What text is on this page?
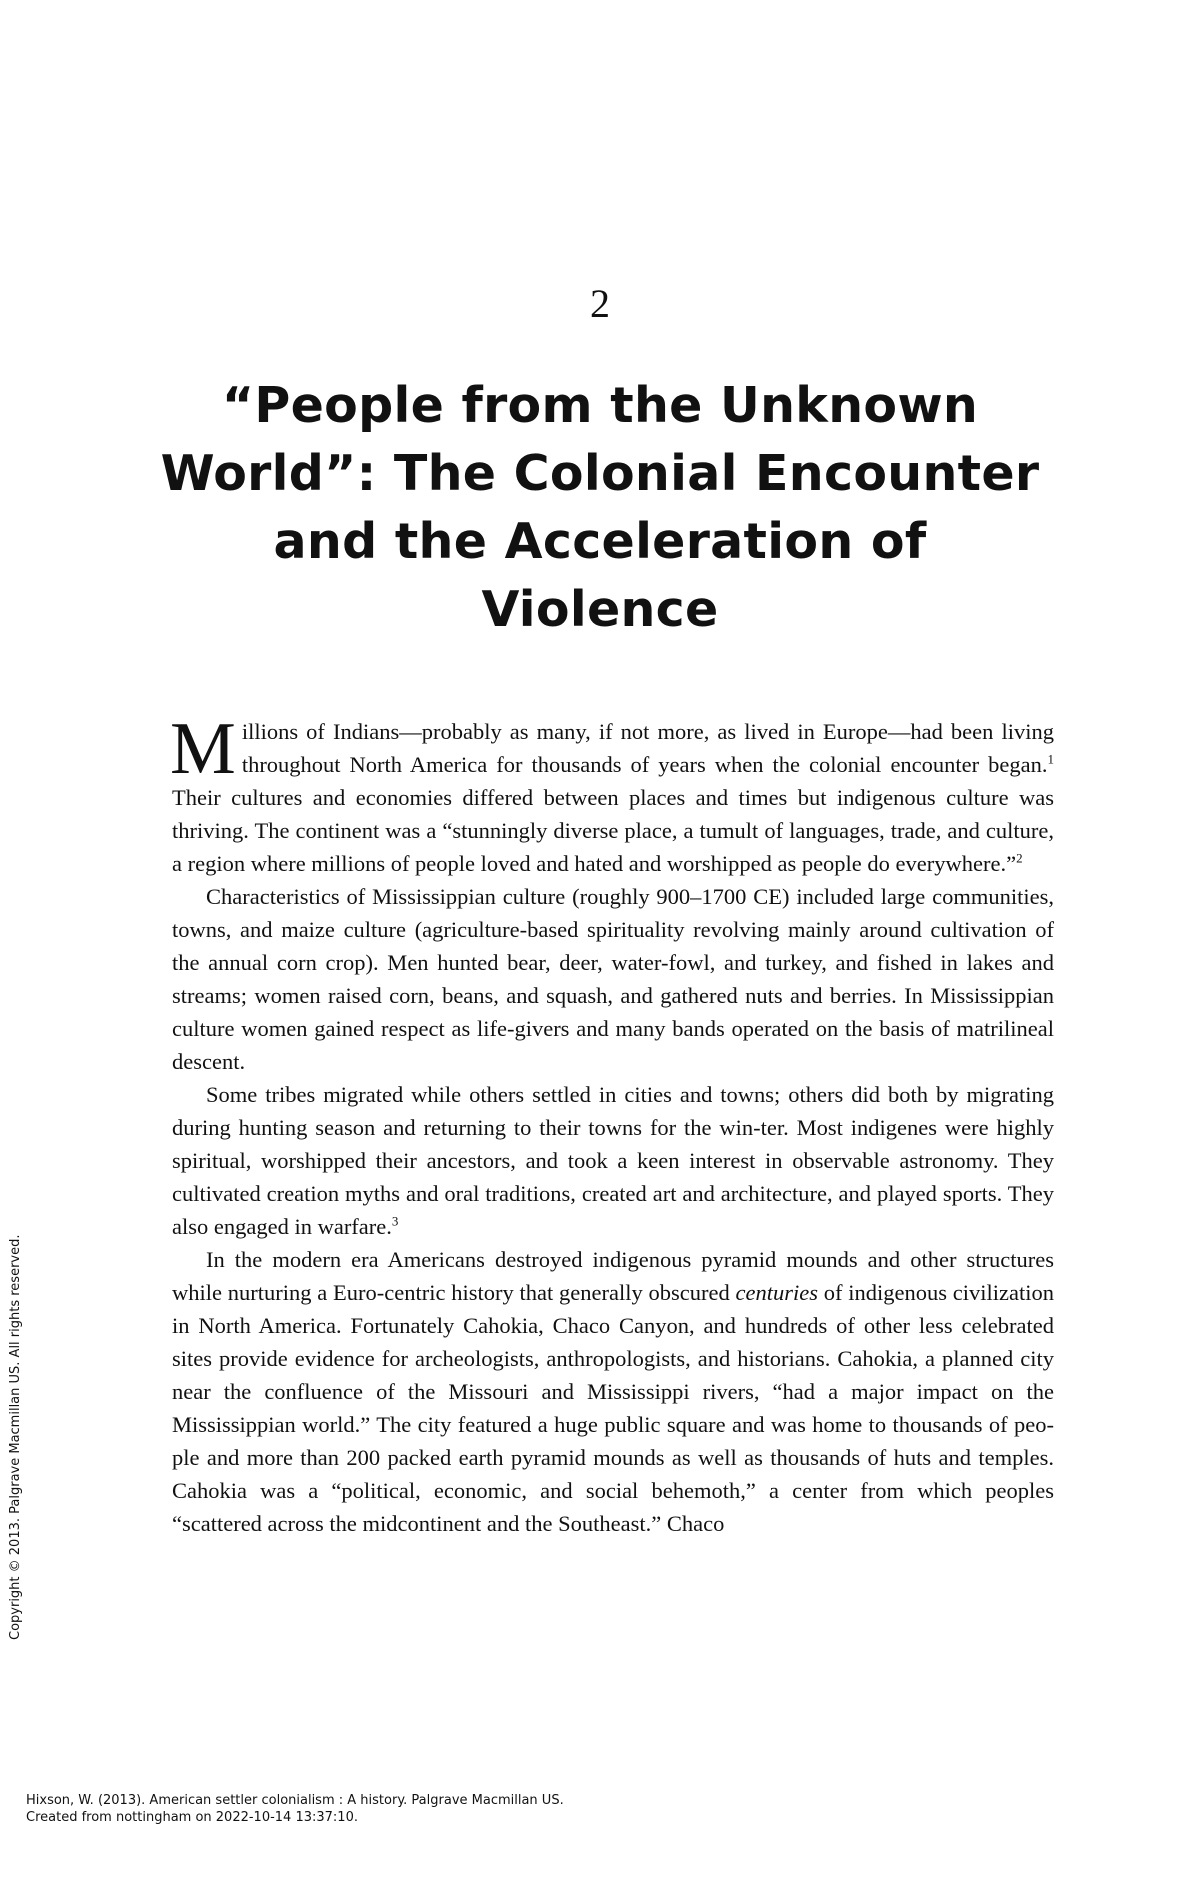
2
“People from the Unknown
World”: The Colonial Encounter
and the Acceleration of Violence

Millions of Indians—probably as many, if not more, as lived in Europe—had been living throughout North America for thousands of years when the colonial encounter began.$^1$ Their cultures and economies differed between places and times but indigenous culture was thriving. The continent was a “stunningly diverse place, a tumult of languages, trade, and culture, a region where millions of people loved and hated and worshipped as people do everywhere.”$^2$

Characteristics of Mississippian culture (roughly 900–1700 CE) included large communities, towns, and maize culture (agriculture-based spirituality revolving mainly around cultivation of the annual corn crop). Men hunted bear, deer, water-fowl, and turkey, and fished in lakes and streams; women raised corn, beans, and squash, and gathered nuts and berries. In Mississippian culture women gained respect as life-givers and many bands operated on the basis of matrilineal descent.

Some tribes migrated while others settled in cities and towns; others did both by migrating during hunting season and returning to their towns for the win-ter. Most indigenes were highly spiritual, worshipped their ancestors, and took a keen interest in observable astronomy. They cultivated creation myths and oral traditions, created art and architecture, and played sports. They also engaged in warfare.$^3$

In the modern era Americans destroyed indigenous pyramid mounds and other structures while nurturing a Euro-centric history that generally obscured centuries of indigenous civilization in North America. Fortunately Cahokia, Chaco Canyon, and hundreds of other less celebrated sites provide evidence for archeologists, anthropologists, and historians. Cahokia, a planned city near the confluence of the Missouri and Mississippi rivers, “had a major impact on the Mississippian world.” The city featured a huge public square and was home to thousands of peo-ple and more than 200 packed earth pyramid mounds as well as thousands of huts and temples. Cahokia was a “political, economic, and social behemoth,” a center from which peoples “scattered across the midcontinent and the Southeast.” Chaco

Copyright © 2013. Palgrave Macmillan US. All rights reserved.
Hixson, W. (2013). American settler colonialism : A history. Palgrave Macmillan US.
Created from nottingham on 2022-10-14 13:37:10.
